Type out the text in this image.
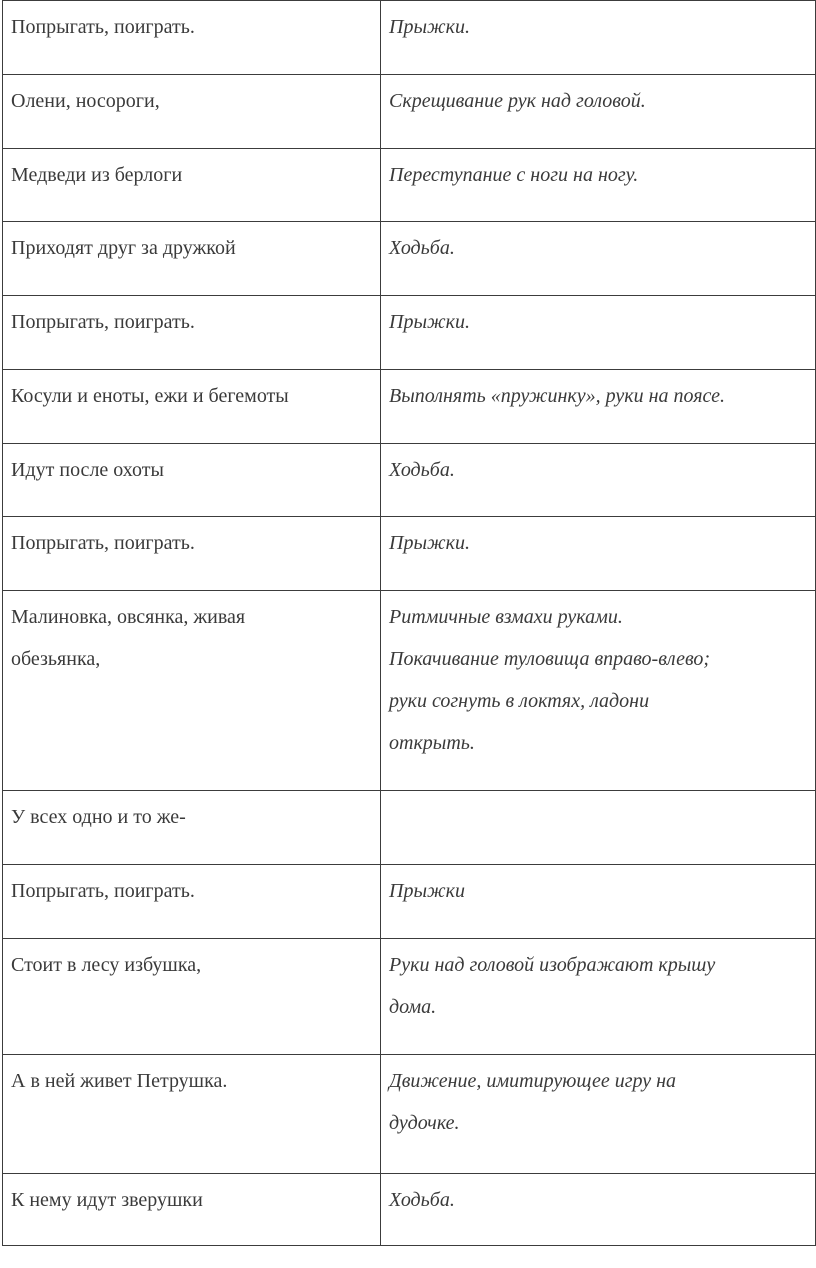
Попрыгать, поиграть.	Прыжки.

Олени, носороги,	Скрещивание рук над головой.

Медведи из берлоги	Переступание с ноги на ногу.

Приходят друг за дружкой	Ходьба.

Попрыгать, поиграть.	Прыжки.

Косули и еноты, ежи и бегемоты	Выполнять «пружинку», руки на поясе.

Идут после охоты	Ходьба.

Попрыгать, поиграть.	Прыжки.

Малиновка, овсянка, живая
обезьянка,	Ритмичные взмахи руками.
Покачивание туловища вправо-влево;
руки согнуть в локтях, ладони
открыть.

У всех одно и то же-	

Попрыгать, поиграть.	Прыжки

Стоит в лесу избушка,	Руки над головой изображают крышу
дома.

А в ней живет Петрушка.	Движение, имитирующее игру на
дудочке.

К нему идут зверушки	Ходьба.
